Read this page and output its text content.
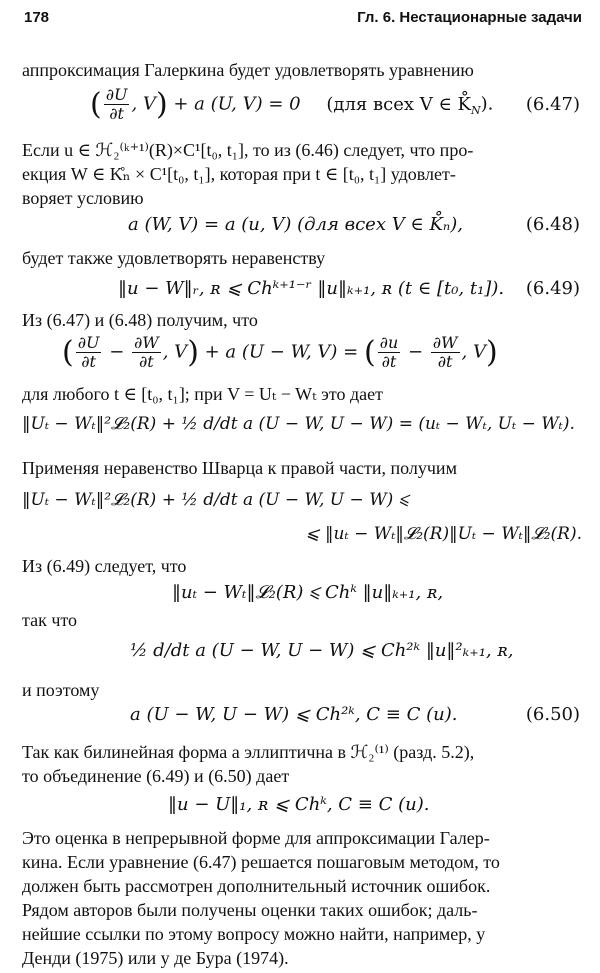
178	Гл. 6. Нестационарные задачи
аппроксимация Галеркина будет удовлетворять уравнению
( $\frac{\partial U}{\partial t}$ , V) + a (U, V) = 0 (для всех V ∈ $K̊_N$). (6.47)
Если u ∈ ℋ₂⁽ᵏ⁺¹⁾(R)×C¹[t₀, t₁], то из (6.46) следует, что про-
екция W ∈ K̊ₙ × C¹[t₀, t₁], которая при t ∈ [t₀, t₁] удовлет-
воряет условию
a (W, V) = a (u, V) (для всех V ∈ K̊ₙ),	(6.48)
будет также удовлетворять неравенству
‖u − W‖ᵣ, ʀ ⩽ Chᵏ⁺¹⁻ʳ ‖u‖ₖ₊₁, ʀ (t ∈ [t₀, t₁]). (6.49)
Из (6.47) и (6.48) получим, что
( $\frac{\partial U}{\partial t} - \frac{\partial W}{\partial t}$ , V) + a (U − W, V) = ( $\frac{\partial u}{\partial t} - \frac{\partial W}{\partial t}$ , V)
для любого t ∈ [t₀, t₁]; при V = Uₜ − Wₜ это дает
‖Uₜ − Wₜ‖²𝓛₂(R) + ½ d/dt a (U − W, U − W) = (uₜ − Wₜ, Uₜ − Wₜ).
Применяя неравенство Шварца к правой части, получим
‖Uₜ − Wₜ‖²𝓛₂(R) + ½ d/dt a (U − W, U − W) ⩽
⩽ ‖uₜ − Wₜ‖𝓛₂(R)‖Uₜ − Wₜ‖𝓛₂(R).
Из (6.49) следует, что
‖uₜ − Wₜ‖𝓛₂(R) ⩽ Chᵏ ‖u‖ₖ₊₁, ʀ,
так что
½ d/dt a (U − W, U − W) ⩽ Ch²ᵏ ‖u‖²ₖ₊₁, ʀ,
и поэтому
a (U − W, U − W) ⩽ Ch²ᵏ, C ≡ C (u).	(6.50)
Так как билинейная форма a эллиптична в ℋ₂⁽¹⁾ (разд. 5.2),
то объединение (6.49) и (6.50) дает
‖u − U‖₁, ʀ ⩽ Chᵏ, C ≡ C (u).
Это оценка в непрерывной форме для аппроксимации Галер-
кина. Если уравнение (6.47) решается пошаговым методом, то
должен быть рассмотрен дополнительный источник ошибок.
Рядом авторов были получены оценки таких ошибок; даль-
нейшие ссылки по этому вопросу можно найти, например, у
Денди (1975) или у де Бура (1974).
